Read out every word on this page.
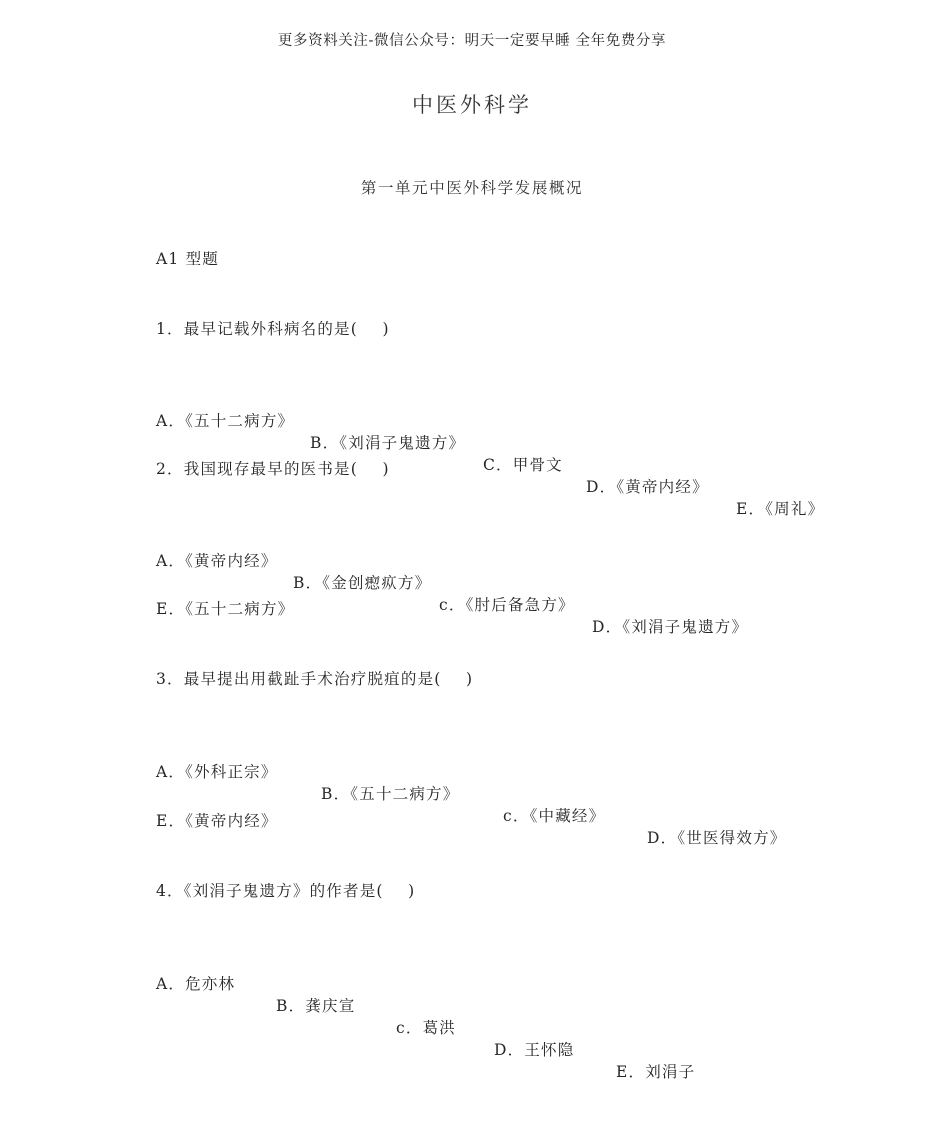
更多资料关注-微信公众号：明天一定要早睡 全年免费分享
中医外科学
第一单元中医外科学发展概况
A1 型题
1．最早记载外科病名的是(    )

A．《五十二病方》

B．《刘涓子鬼遗方》

C．甲骨文

D．《黄帝内经》

E．《周礼》

2．我国现存最早的医书是(    )

A．《黄帝内经》

B．《金创瘛疭方》

c．《肘后备急方》

D．《刘涓子鬼遗方》

E．《五十二病方》
3．最早提出用截趾手术治疗脱疽的是(    )

A．《外科正宗》

B．《五十二病方》

c．《中藏经》

D．《世医得效方》

E．《黄帝内经》
4．《刘涓子鬼遗方》的作者是(    )

A．危亦林

B．龚庆宣

c．葛洪

D．王怀隐

E．刘涓子
